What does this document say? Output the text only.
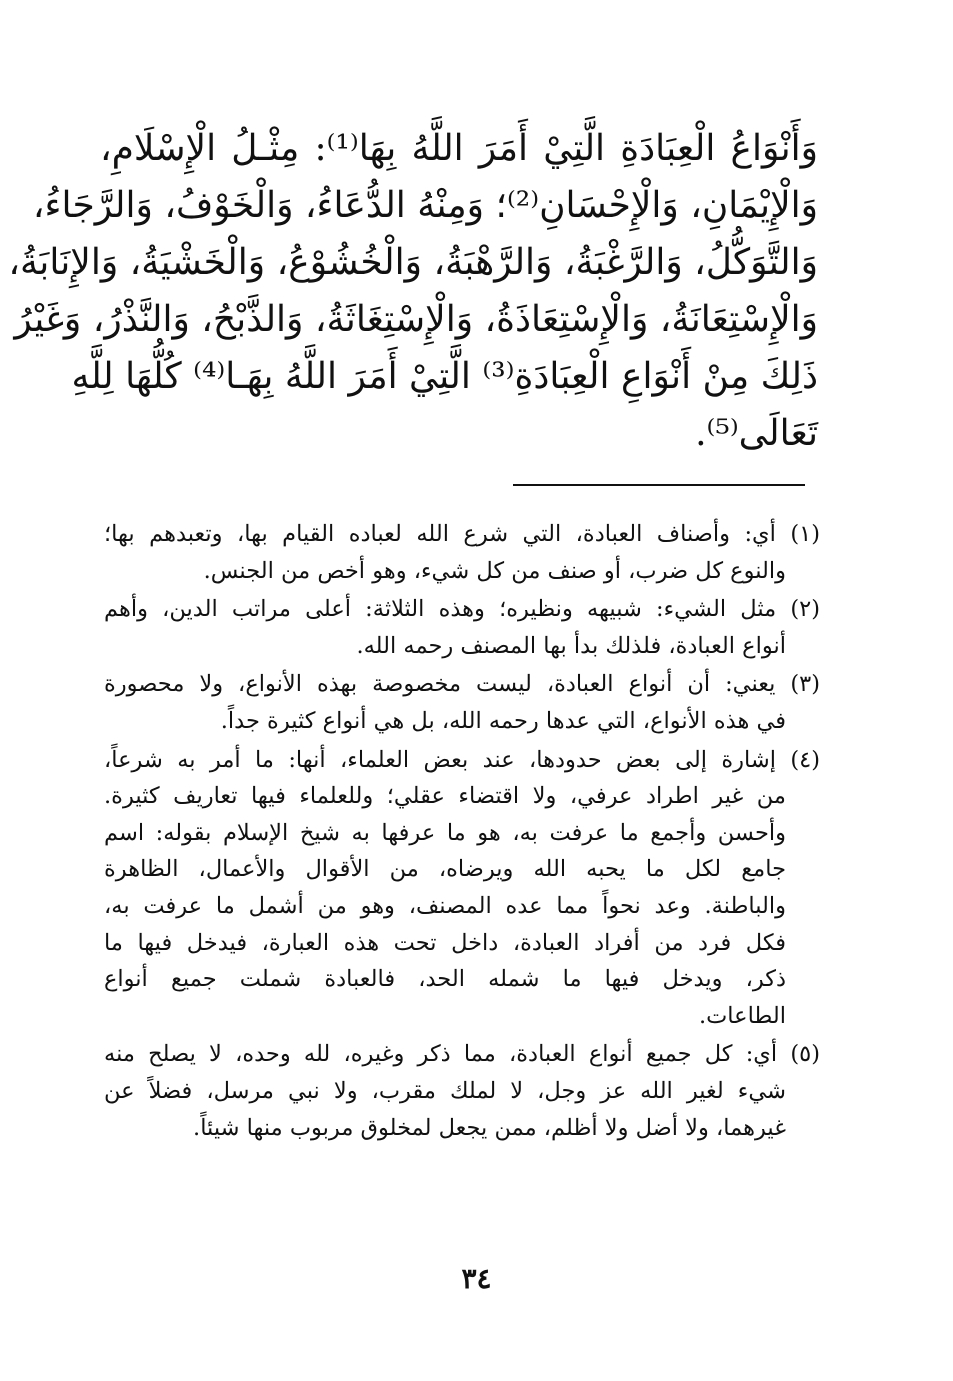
وَأَنْوَاعُ الْعِبَادَةِ الَّتِيْ أَمَرَ اللَّهُ بِهَا⁽¹⁾: مِثْـلُ الْإِسْلَامِ،
وَالْإِيْمَانِ، وَالْإِحْسَانِ⁽²⁾؛ وَمِنْهُ الدُّعَاءُ، وَالْخَوْفُ، وَالرَّجَاءُ،
وَالتَّوَكُّلُ، وَالرَّغْبَةُ، وَالرَّهْبَةُ، وَالْخُشُوْعُ، وَالْخَشْيَةُ، وَالإِنَابَةُ،
وَالْإِسْتِعَانَةُ، وَالْإِسْتِعَاذَةُ، وَالْإِسْتِغَاثَةُ، وَالذَّبْحُ، وَالنَّذْرُ، وَغَيْرُ
ذَلِكَ مِنْ أَنْوَاعِ الْعِبَادَةِ⁽³⁾ الَّتِيْ أَمَرَ اللَّهُ بِهَـا⁽⁴⁾ كُلُّهَا لِلَّهِ
تَعَالَى⁽⁵⁾.
(١) أي: وأصناف العبادة، التي شرع الله لعباده القيام بها، وتعبدهم بها؛
والنوع كل ضرب، أو صنف من كل شيء، وهو أخص من الجنس.
(٢) مثل الشيء: شبيهه ونظيره؛ وهذه الثلاثة: أعلى مراتب الدين، وأهم
أنواع العبادة، فلذلك بدأ بها المصنف رحمه الله.
(٣) يعني: أن أنواع العبادة، ليست مخصوصة بهذه الأنواع، ولا محصورة
في هذه الأنواع، التي عدها رحمه الله، بل هي أنواع كثيرة جداً.
(٤) إشارة إلى بعض حدودها، عند بعض العلماء، أنها: ما أمر به شرعاً،
من غير اطراد عرفي، ولا اقتضاء عقلي؛ وللعلماء فيها تعاريف كثيرة.
وأحسن وأجمع ما عرفت به، هو ما عرفها به شيخ الإسلام بقوله: اسم
جامع لكل ما يحبه الله ويرضاه، من الأقوال والأعمال، الظاهرة
والباطنة. وعد نحواً مما عده المصنف، وهو من أشمل ما عرفت به،
فكل فرد من أفراد العبادة، داخل تحت هذه العبارة، فيدخل فيها ما
ذكر، ويدخل فيها ما شمله الحد، فالعبادة شملت جميع أنواع
الطاعات.
(٥) أي: كل جميع أنواع العبادة، مما ذكر وغيره، لله وحده، لا يصلح منه
شيء لغير الله عز وجل، لا لملك مقرب، ولا نبي مرسل، فضلاً عن
غيرهما، ولا أضل ولا أظلم، ممن يجعل لمخلوق مربوب منها شيئاً.
٣٤
